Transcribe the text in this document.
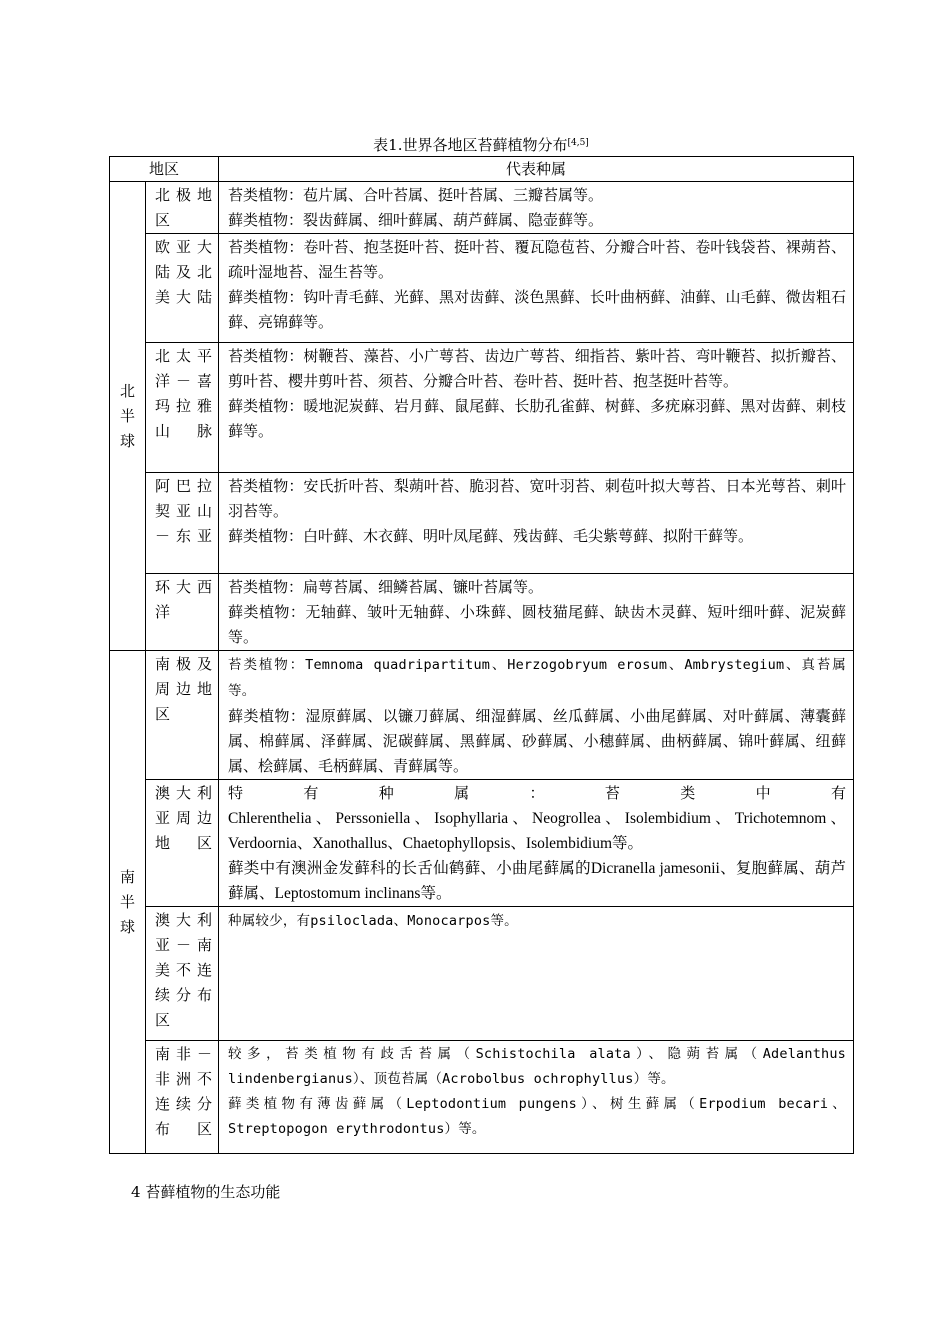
表1.世界各地区苔藓植物分布[4,5]
地区		代表种属

北半球	北极地区	苔类植物：苞片属、合叶苔属、挺叶苔属、三瓣苔属等。

藓类植物：裂齿藓属、细叶藓属、葫芦藓属、隐壶藓等。

	欧亚大陆及北美大陆	苔类植物：卷叶苔、抱茎挺叶苔、挺叶苔、覆瓦隐苞苔、分瓣合叶苔、卷叶钱袋苔、裸蒴苔、疏叶湿地苔、湿生苔等。

藓类植物：钩叶青毛藓、光藓、黑对齿藓、淡色黑藓、长叶曲柄藓、油藓、山毛藓、微齿粗石藓、亮锦藓等。

	北太平洋－喜玛拉雅山脉	苔类植物：树鞭苔、藻苔、小广萼苔、齿边广萼苔、细指苔、紫叶苔、弯叶鞭苔、拟折瓣苔、剪叶苔、樱井剪叶苔、须苔、分瓣合叶苔、卷叶苔、挺叶苔、抱茎挺叶苔等。

藓类植物：暖地泥炭藓、岩月藓、鼠尾藓、长肋孔雀藓、树藓、多疣麻羽藓、黑对齿藓、刺枝藓等。

	阿巴拉契亚山－东亚	苔类植物：安氏折叶苔、梨蒴叶苔、脆羽苔、宽叶羽苔、刺苞叶拟大萼苔、日本光萼苔、刺叶羽苔等。

藓类植物：白叶藓、木衣藓、明叶凤尾藓、残齿藓、毛尖紫萼藓、拟附干藓等。

	环大西洋	苔类植物：扁萼苔属、细鳞苔属、镰叶苔属等。

藓类植物：无轴藓、皱叶无轴藓、小珠藓、圆枝猫尾藓、缺齿木灵藓、短叶细叶藓、泥炭藓等。

南半球	南极及周边地区	苔类植物：Temnoma quadripartitum、Herzogobryum erosum、Ambrystegium、真苔属等。

藓类植物：湿原藓属、以镰刀藓属、细湿藓属、丝瓜藓属、小曲尾藓属、对叶藓属、薄囊藓属、棉藓属、泽藓属、泥碳藓属、黑藓属、砂藓属、小穗藓属、曲柄藓属、锦叶藓属、纽藓属、桧藓属、毛柄藓属、青藓属等。

	澳大利亚周边地区	特有种属：苔类中有

Chlerenthelia、Perssoniella、Isophyllaria、Neogrollea、Isolembidium、Trichotemnom、Verdoornia、Xanothallus、Chaetophyllopsis、Isolembidium等。

藓类中有澳洲金发藓科的长舌仙鹤藓、小曲尾藓属的Dicranella jamesonii、复胞藓属、葫芦藓属、Leptostomum inclinans等。

	澳大利亚－南美不连续分布区	种属较少，有psiloclada、Monocarpos等。

	南非－非洲不连续分布区	较多，苔类植物有歧舌苔属（Schistochila alata）、隐蒴苔属（Adelanthus lindenbergianus）、顶苞苔属（Acrobolbus ochrophyllus）等。

藓类植物有薄齿藓属（Leptodontium pungens）、树生藓属（Erpodium becari、Streptopogon erythrodontus）等。

4 苔藓植物的生态功能
